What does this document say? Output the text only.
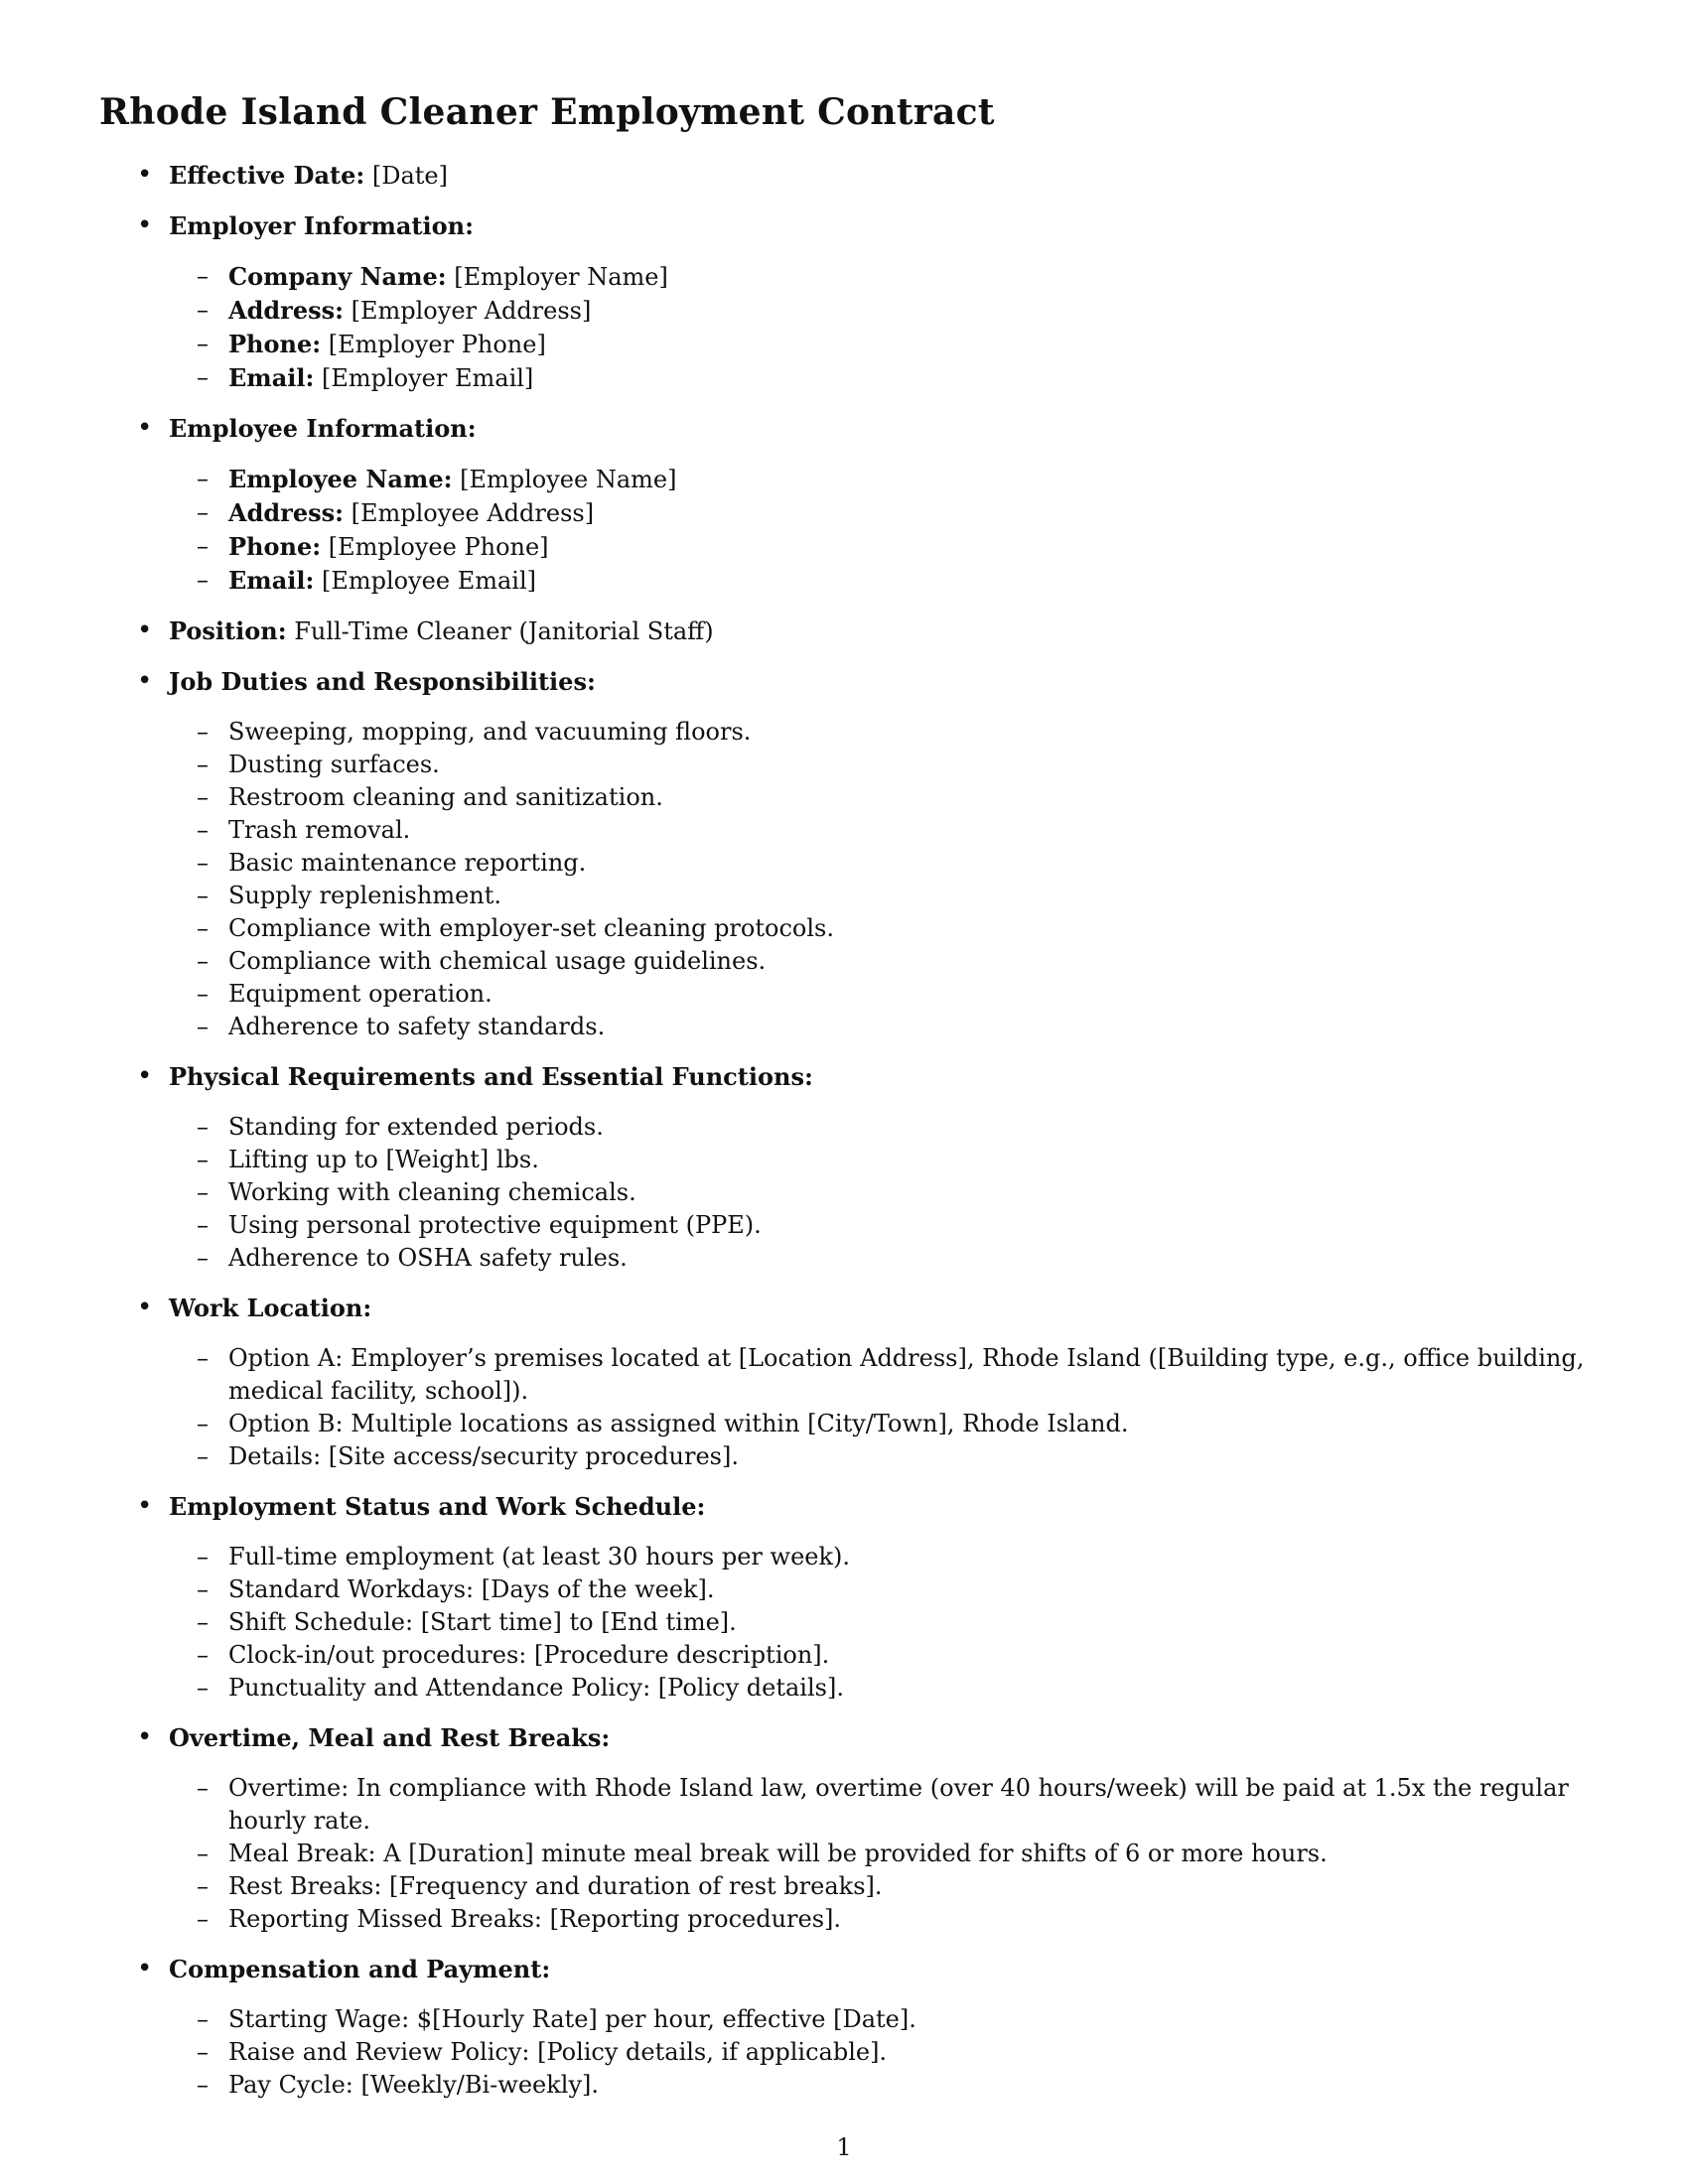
Rhode Island Cleaner Employment Contract
• Effective Date: [Date]
• Employer Information:
– Company Name: [Employer Name]
– Address: [Employer Address]
– Phone: [Employer Phone]
– Email: [Employer Email]
• Employee Information:
– Employee Name: [Employee Name]
– Address: [Employee Address]
– Phone: [Employee Phone]
– Email: [Employee Email]
• Position: Full-Time Cleaner (Janitorial Staff)
• Job Duties and Responsibilities:
– Sweeping, mopping, and vacuuming floors.
– Dusting surfaces.
– Restroom cleaning and sanitization.
– Trash removal.
– Basic maintenance reporting.
– Supply replenishment.
– Compliance with employer-set cleaning protocols.
– Compliance with chemical usage guidelines.
– Equipment operation.
– Adherence to safety standards.
• Physical Requirements and Essential Functions:
– Standing for extended periods.
– Lifting up to [Weight] lbs.
– Working with cleaning chemicals.
– Using personal protective equipment (PPE).
– Adherence to OSHA safety rules.
• Work Location:
– Option A: Employer’s premises located at [Location Address], Rhode Island ([Building type, e.g., office building, medical facility, school]).
– Option B: Multiple locations as assigned within [City/Town], Rhode Island.
– Details: [Site access/security procedures].
• Employment Status and Work Schedule:
– Full-time employment (at least 30 hours per week).
– Standard Workdays: [Days of the week].
– Shift Schedule: [Start time] to [End time].
– Clock-in/out procedures: [Procedure description].
– Punctuality and Attendance Policy: [Policy details].
• Overtime, Meal and Rest Breaks:
– Overtime: In compliance with Rhode Island law, overtime (over 40 hours/week) will be paid at 1.5x the regular hourly rate.
– Meal Break: A [Duration] minute meal break will be provided for shifts of 6 or more hours.
– Rest Breaks: [Frequency and duration of rest breaks].
– Reporting Missed Breaks: [Reporting procedures].
• Compensation and Payment:
– Starting Wage: $[Hourly Rate] per hour, effective [Date].
– Raise and Review Policy: [Policy details, if applicable].
– Pay Cycle: [Weekly/Bi-weekly].
1
